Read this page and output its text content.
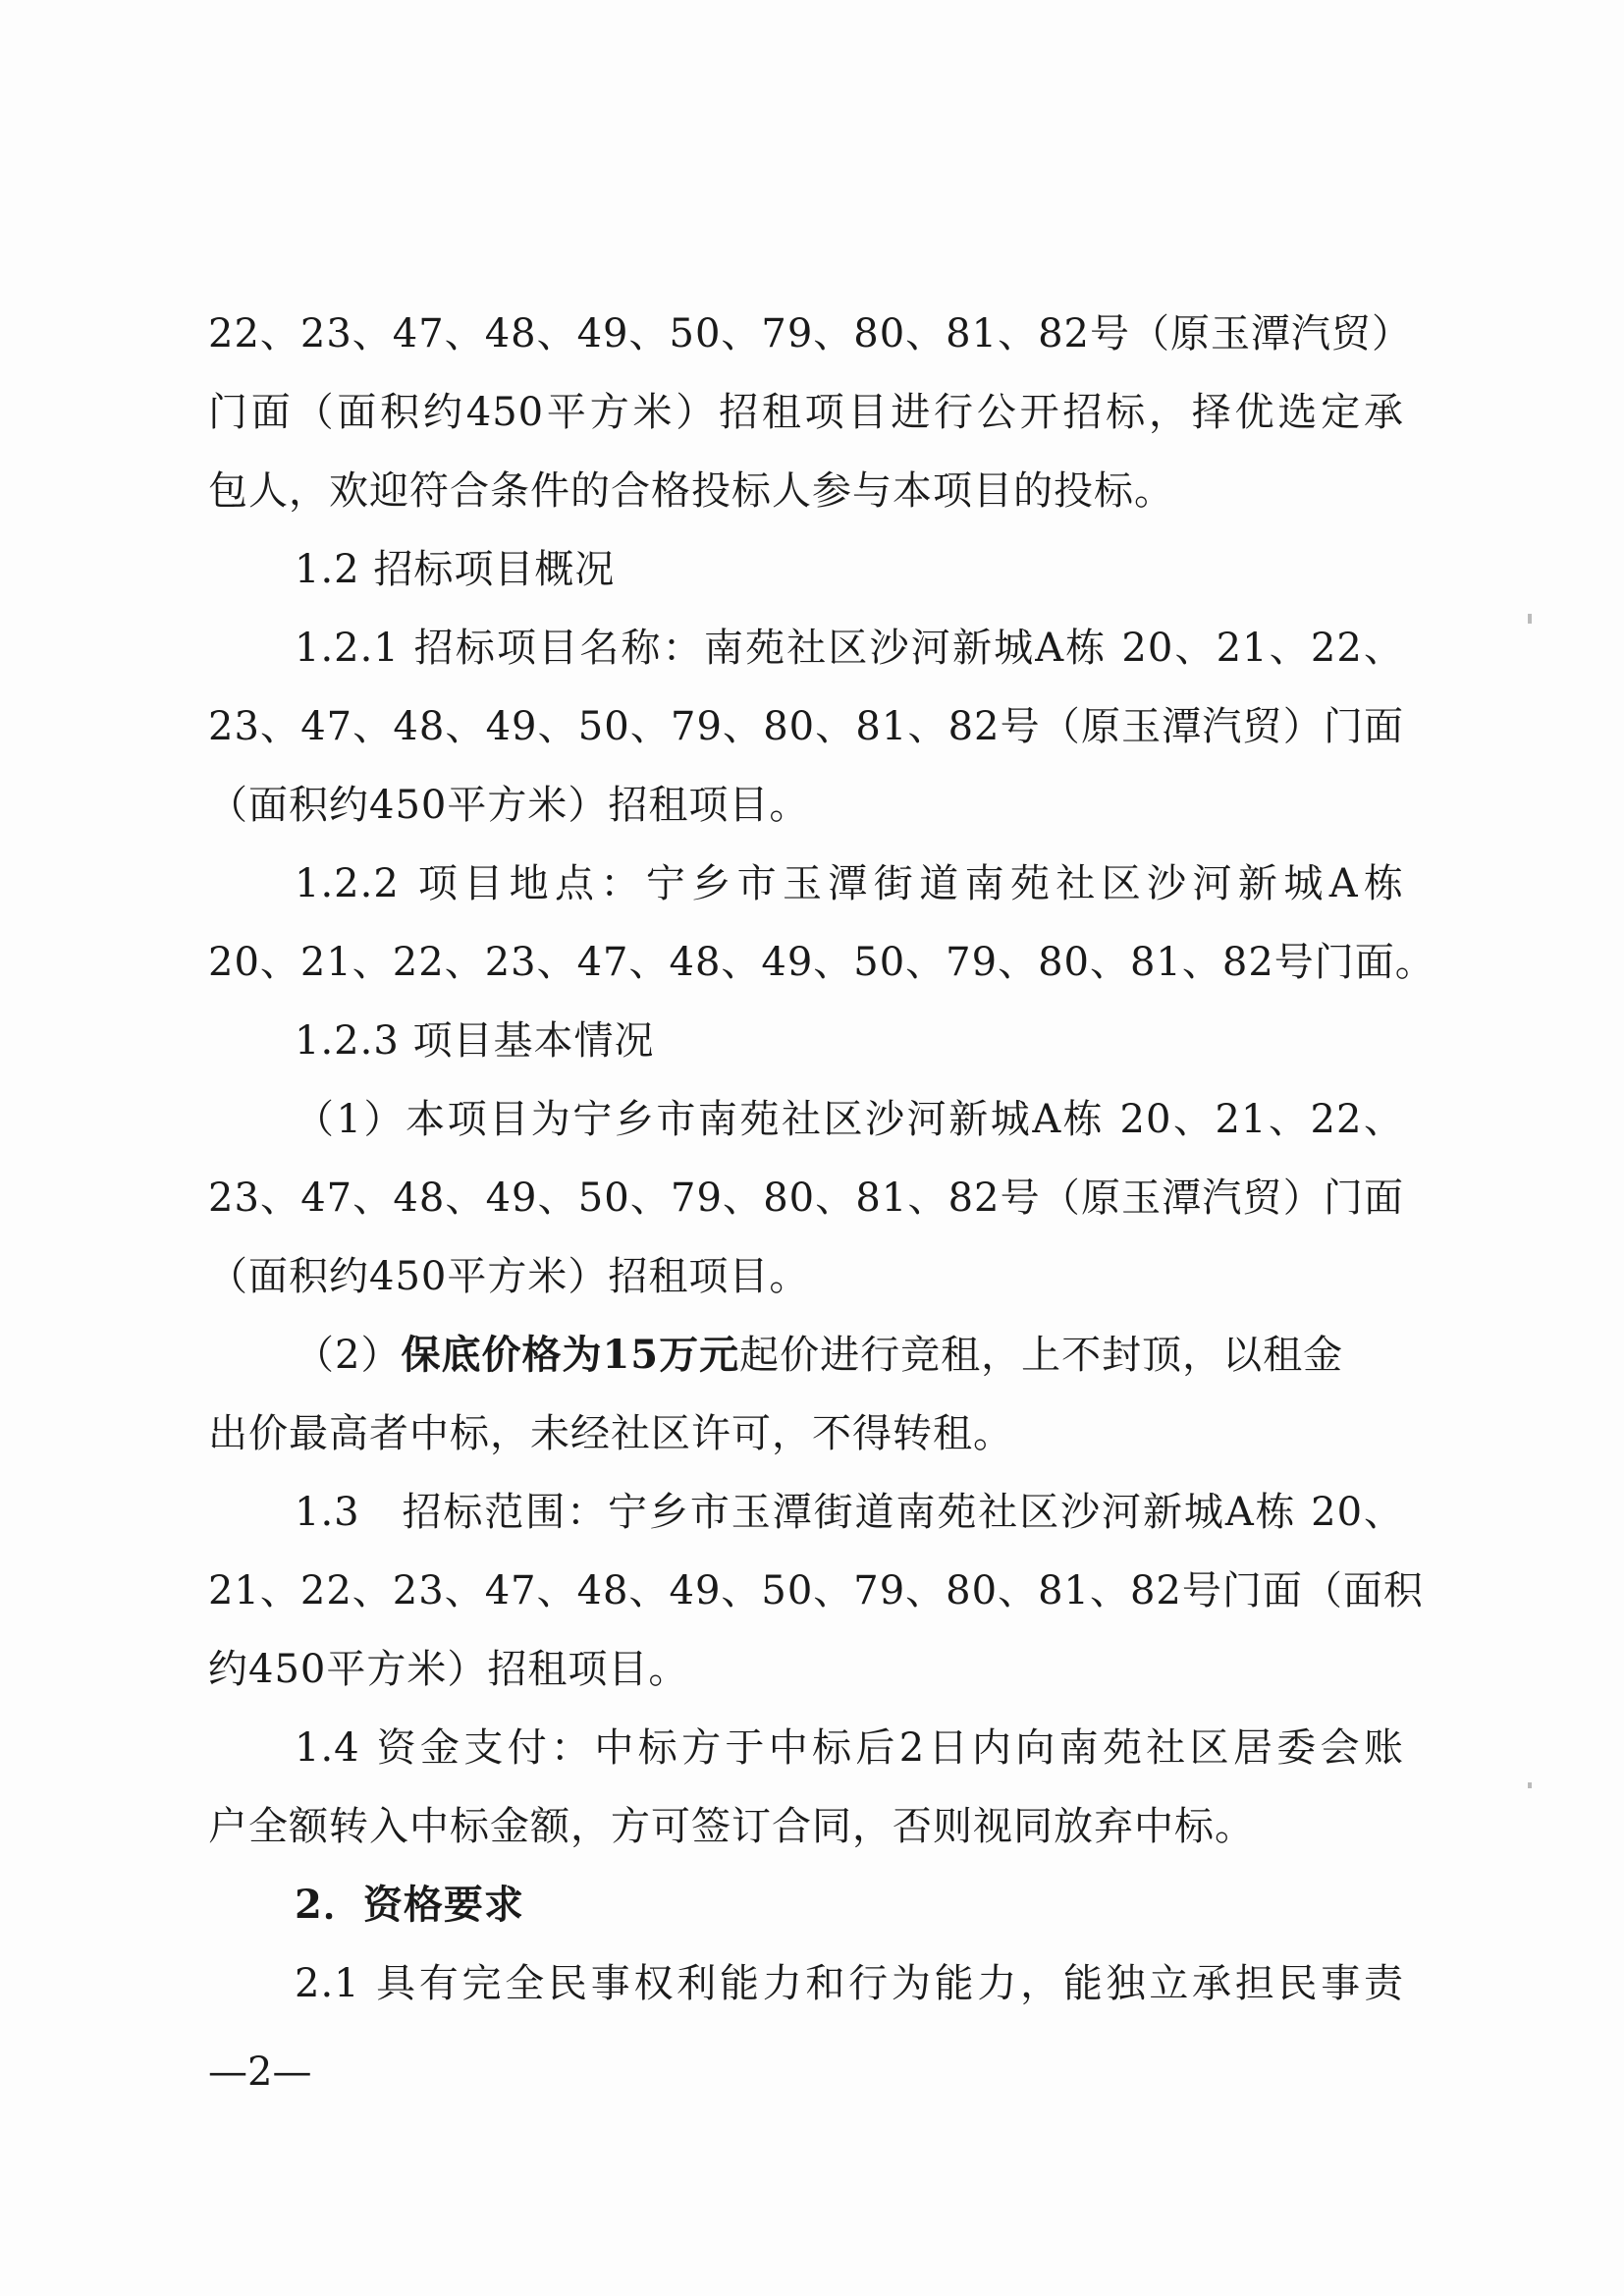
22、23、47、48、49、50、79、80、81、82号（原玉潭汽贸）
门面（面积约450平方米）招租项目进行公开招标，择优选定承
包人，欢迎符合条件的合格投标人参与本项目的投标。
1.2 招标项目概况
1.2.1 招标项目名称：南苑社区沙河新城A栋 20、21、22、
23、47、48、49、50、79、80、81、82号（原玉潭汽贸）门面
（面积约450平方米）招租项目。
1.2.2 项目地点：宁乡市玉潭街道南苑社区沙河新城A栋
20、21、22、23、47、48、49、50、79、80、81、82号门面。
1.2.3 项目基本情况
（1）本项目为宁乡市南苑社区沙河新城A栋 20、21、22、
23、47、48、49、50、79、80、81、82号（原玉潭汽贸）门面
（面积约450平方米）招租项目。
（2）保底价格为15万元起价进行竞租，上不封顶，以租金
出价最高者中标，未经社区许可，不得转租。
1.3　招标范围：宁乡市玉潭街道南苑社区沙河新城A栋 20、
21、22、23、47、48、49、50、79、80、81、82号门面（面积
约450平方米）招租项目。
1.4 资金支付：中标方于中标后2日内向南苑社区居委会账
户全额转入中标金额，方可签订合同，否则视同放弃中标。
2．资格要求
2.1 具有完全民事权利能力和行为能力，能独立承担民事责
—2—
